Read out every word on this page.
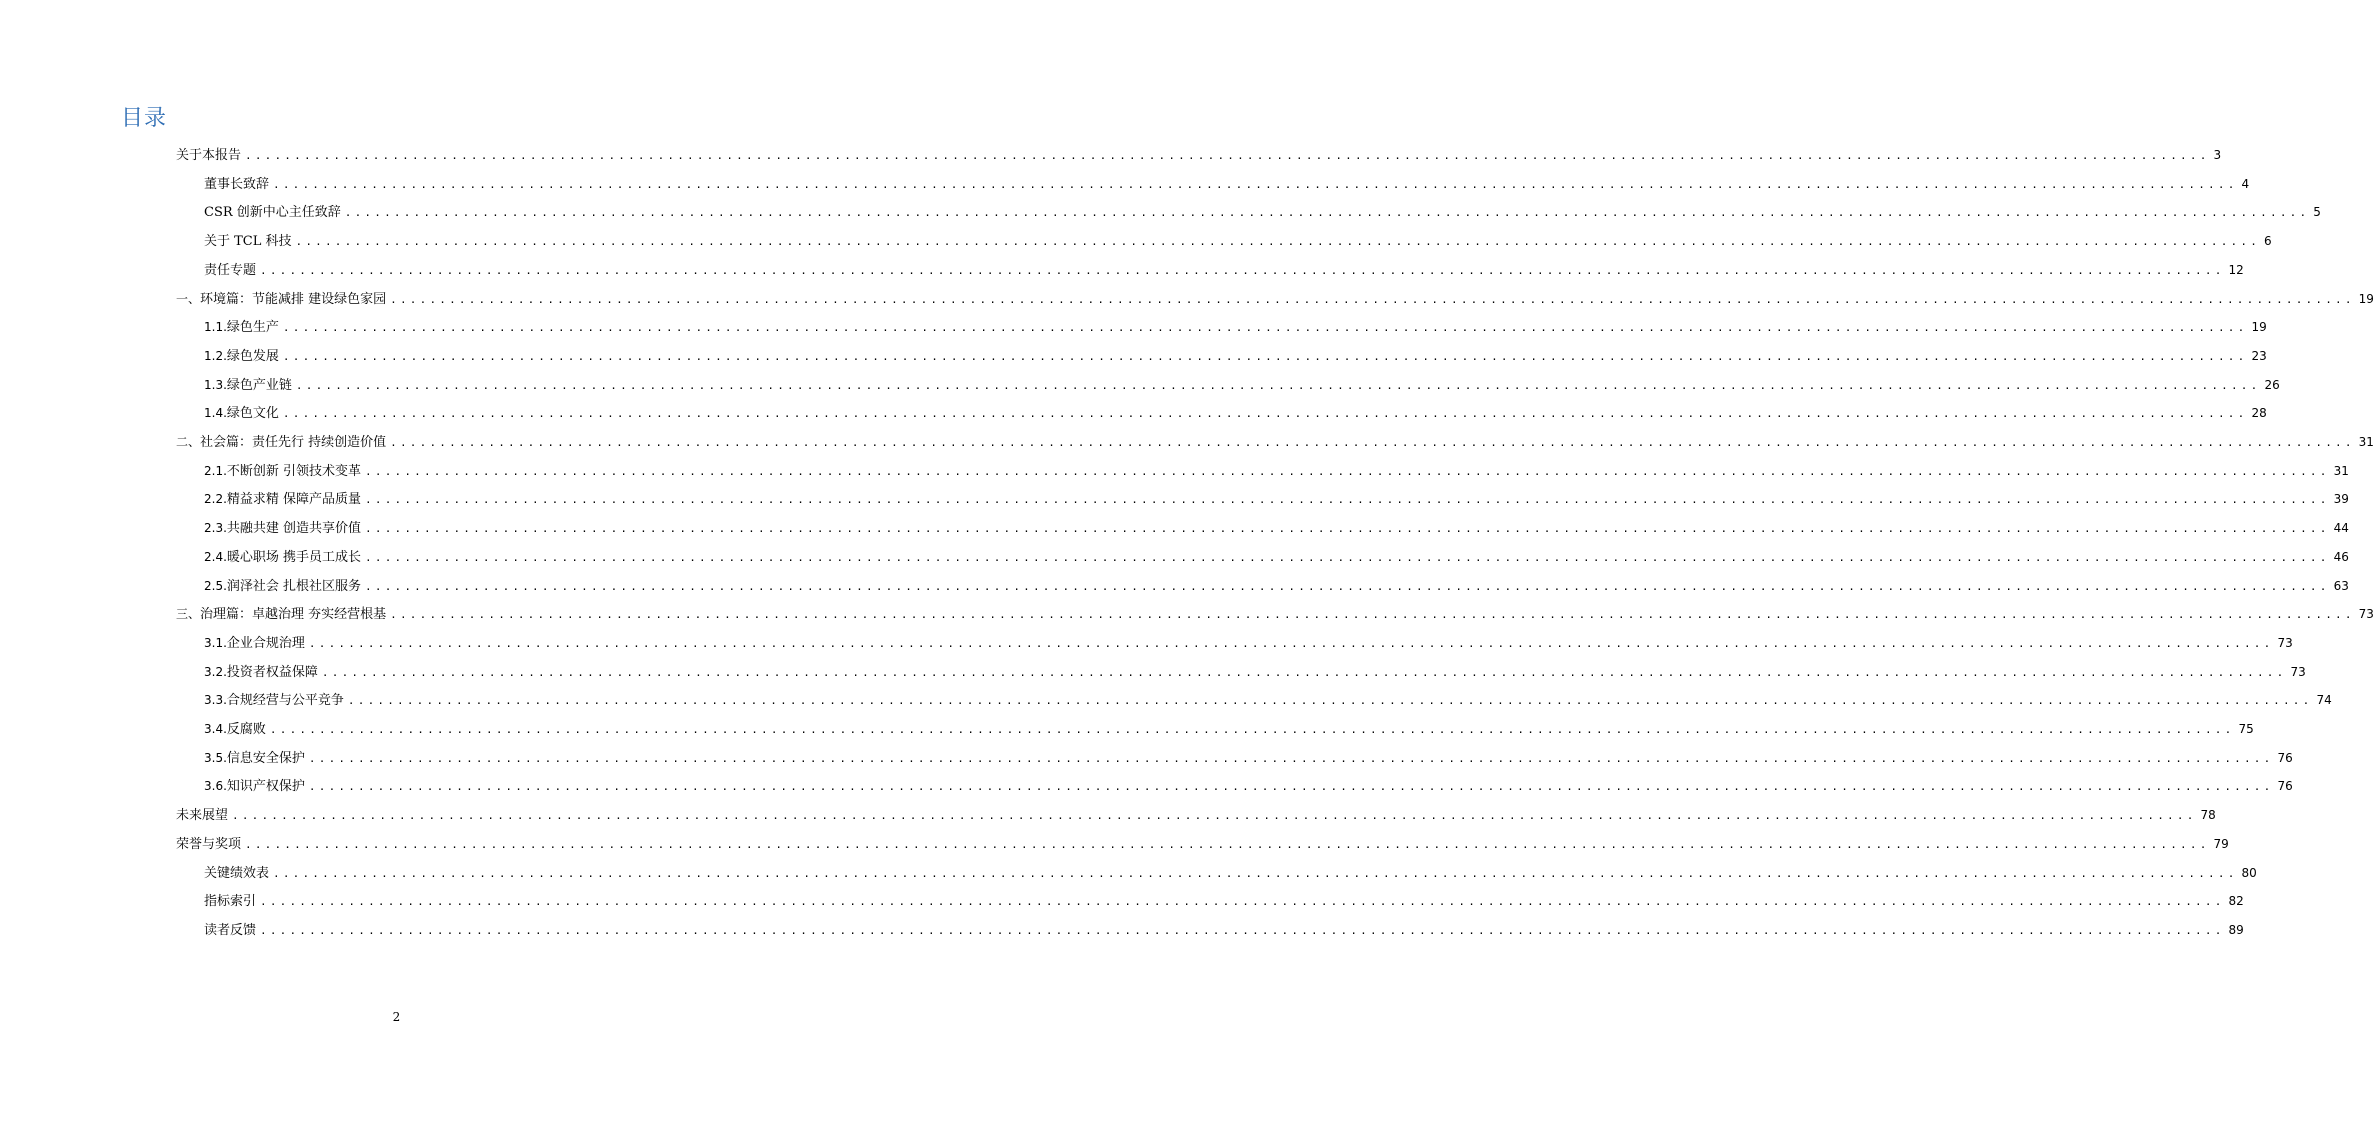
目录
关于本报告 ........................................................................................................................................................................................................ 3
董事长致辞 ........................................................................................................................................................................................................ 4
CSR 创新中心主任致辞 ........................................................................................................................................................................................................ 5
关于 TCL 科技 ........................................................................................................................................................................................................ 6
责任专题 ........................................................................................................................................................................................................ 12
一、 环境篇：节能减排 建设绿色家园 ........................................................................................................................................................................................................ 19
1.1. 绿色生产 ........................................................................................................................................................................................................ 19
1.2. 绿色发展 ........................................................................................................................................................................................................ 23
1.3. 绿色产业链 ........................................................................................................................................................................................................ 26
1.4. 绿色文化 ........................................................................................................................................................................................................ 28
二、 社会篇：责任先行 持续创造价值 ........................................................................................................................................................................................................ 31
2.1. 不断创新 引领技术变革 ........................................................................................................................................................................................................ 31
2.2. 精益求精 保障产品质量 ........................................................................................................................................................................................................ 39
2.3. 共融共建 创造共享价值 ........................................................................................................................................................................................................ 44
2.4. 暖心职场 携手员工成长 ........................................................................................................................................................................................................ 46
2.5. 润泽社会 扎根社区服务 ........................................................................................................................................................................................................ 63
三、 治理篇：卓越治理 夯实经营根基 ........................................................................................................................................................................................................ 73
3.1. 企业合规治理 ........................................................................................................................................................................................................ 73
3.2. 投资者权益保障 ........................................................................................................................................................................................................ 73
3.3. 合规经营与公平竞争 ........................................................................................................................................................................................................ 74
3.4. 反腐败 ........................................................................................................................................................................................................ 75
3.5. 信息安全保护 ........................................................................................................................................................................................................ 76
3.6. 知识产权保护 ........................................................................................................................................................................................................ 76
未来展望 ........................................................................................................................................................................................................ 78
荣誉与奖项 ........................................................................................................................................................................................................ 79
关键绩效表 ........................................................................................................................................................................................................ 80
指标索引 ........................................................................................................................................................................................................ 82
读者反馈 ........................................................................................................................................................................................................ 89
2
